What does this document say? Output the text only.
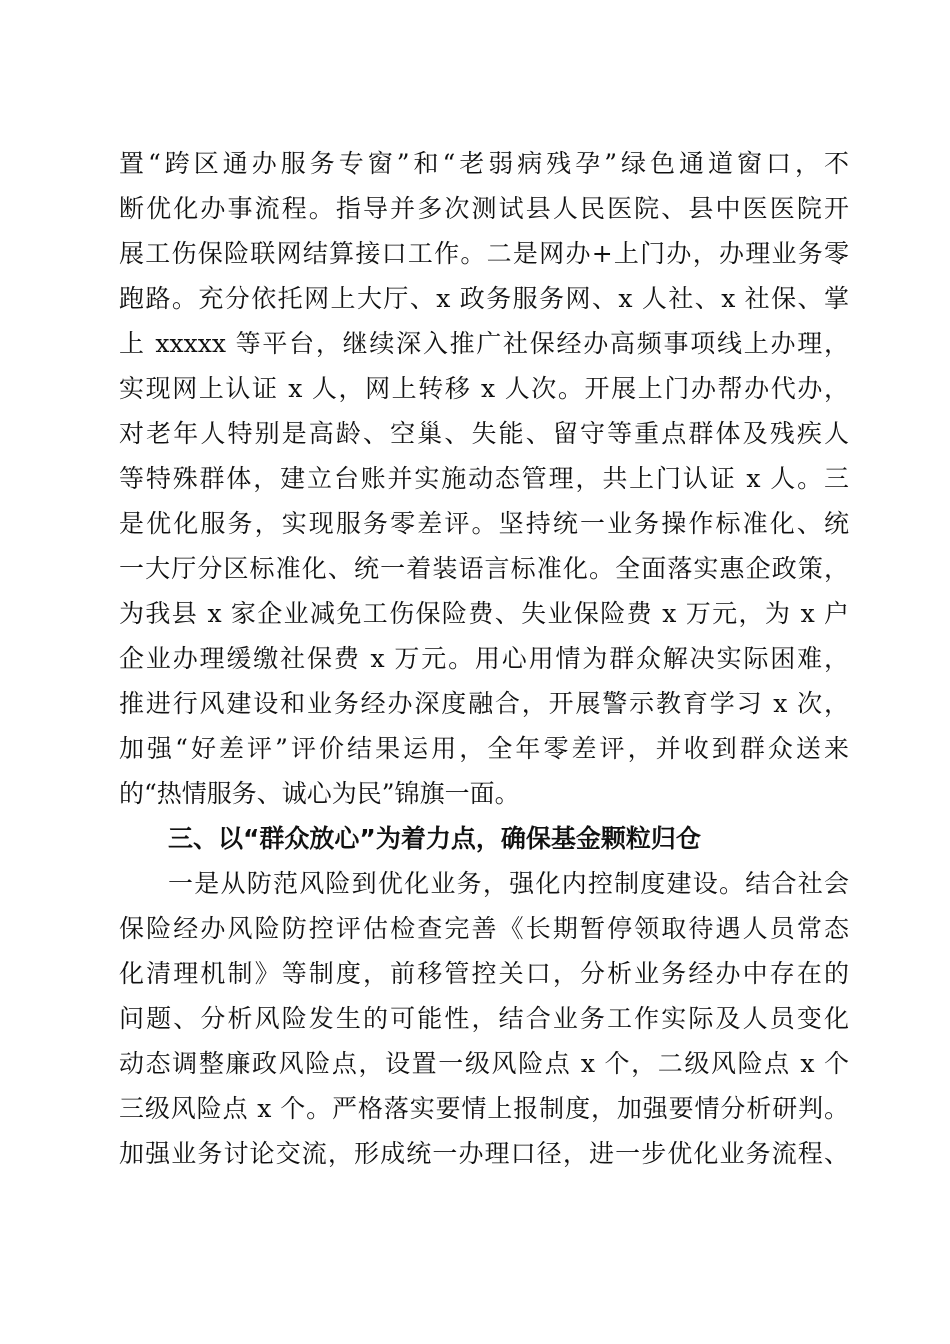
置“跨区通办服务专窗”和“老弱病残孕”绿色通道窗口，不
断优化办事流程。指导并多次测试县人民医院、县中医医院开
展工伤保险联网结算接口工作。二是网办+上门办，办理业务零
跑路。充分依托网上大厅、x 政务服务网、x 人社、x 社保、掌
上 xxxxx 等平台，继续深入推广社保经办高频事项线上办理，
实现网上认证 x 人，网上转移 x 人次。开展上门办帮办代办，
对老年人特别是高龄、空巢、失能、留守等重点群体及残疾人
等特殊群体，建立台账并实施动态管理，共上门认证 x 人。三
是优化服务，实现服务零差评。坚持统一业务操作标准化、统
一大厅分区标准化、统一着装语言标准化。全面落实惠企政策，
为我县 x 家企业减免工伤保险费、失业保险费 x 万元，为 x 户
企业办理缓缴社保费 x 万元。用心用情为群众解决实际困难，
推进行风建设和业务经办深度融合，开展警示教育学习 x 次，
加强“好差评”评价结果运用，全年零差评，并收到群众送来
的“热情服务、诚心为民”锦旗一面。
三、以“群众放心”为着力点，确保基金颗粒归仓
一是从防范风险到优化业务，强化内控制度建设。结合社会
保险经办风险防控评估检查完善《长期暂停领取待遇人员常态
化清理机制》等制度，前移管控关口，分析业务经办中存在的
问题、分析风险发生的可能性，结合业务工作实际及人员变化
动态调整廉政风险点，设置一级风险点 x 个，二级风险点 x 个
三级风险点 x 个。严格落实要情上报制度，加强要情分析研判。
加强业务讨论交流，形成统一办理口径，进一步优化业务流程、
